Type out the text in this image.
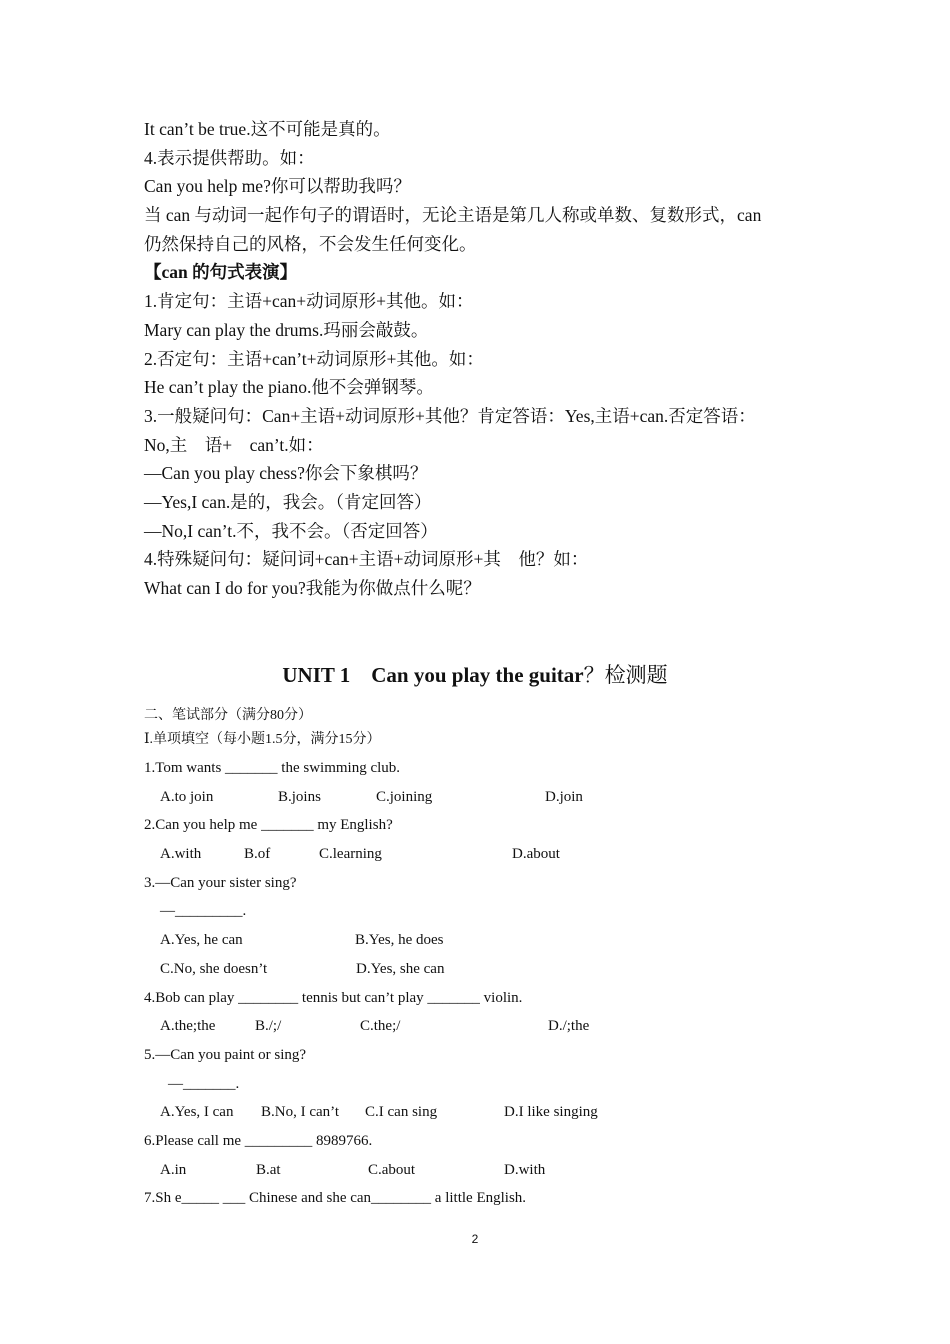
It can’t be true.这不可能是真的。
4.表示提供帮助。如：
Can you help me?你可以帮助我吗？
当 can 与动词一起作句子的谓语时，无论主语是第几人称或单数、复数形式，can
仍然保持自己的风格，不会发生任何变化。
【can 的句式表演】
1.肯定句：主语+can+动词原形+其他。如：
Mary can play the drums.玛丽会敲鼓。
2.否定句：主语+can’t+动词原形+其他。如：
He can’t play the piano.他不会弹钢琴。
3.一般疑问句：Can+主语+动词原形+其他？肯定答语：Yes,主语+can.否定答语：
No,主　语+　can’t.如：
—Can you play chess?你会下象棋吗？
—Yes,I can.是的，我会。（肯定回答）
—No,I can’t.不，我不会。（否定回答）
4.特殊疑问句：疑问词+can+主语+动词原形+其　他？如：
What can I do for you?我能为你做点什么呢？
UNIT 1　Can you play the guitar？检测题
二、笔试部分（满分80分）
Ⅰ.单项填空（每小题1.5分，满分15分）
1.Tom wants _______ the swimming club.
A.to join	B.joins	C.joining	D.join
2.Can you help me _______ my English?
A.with	B.of	C.learning	D.about
3.—Can your sister sing?
—_________.
A.Yes, he can	B.Yes, he does
C.No, she doesn’t	D.Yes, she can
4.Bob can play ________ tennis but can’t play _______ violin.
A.the;the	B./;/	C.the;/	D./;the
5.—Can you paint or sing?
—_______.
A.Yes, I can B.No, I can’t C.I can sing	D.I like singing
6.Please call me _________ 8989766.
A.in	B.at	C.about	D.with
7.Sh e_____ ___ Chinese and she can________ a little English.
2
